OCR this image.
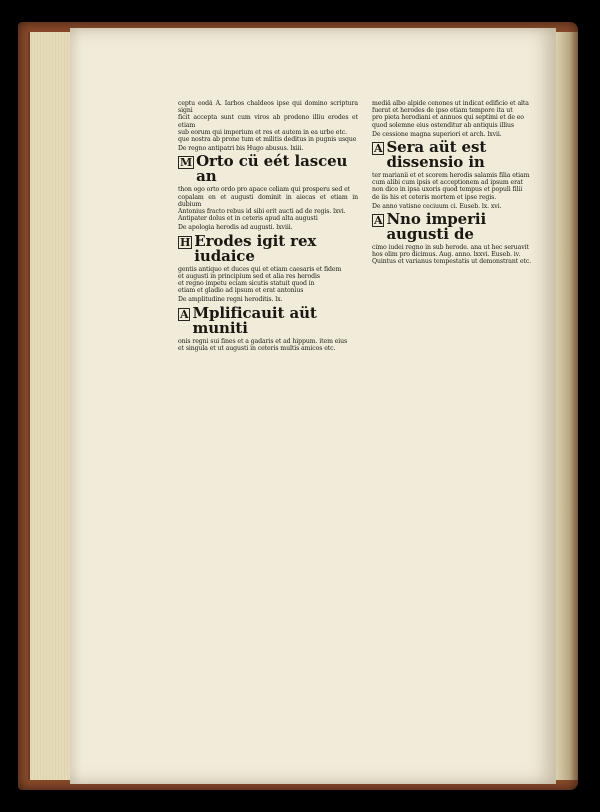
ceptu eodâ A. Iarbos chaldeos ipse qui domino scriptura signi
ficit accepta sunt cum viros ab prodeno illiu erodes et etiam
sub eorum qui imperium et res et autem in ea urbe etc.
que nostra ab prone tum et militis deditus in pugnis usque
De regno antipatri bis Hugo abusus. lxiii.
M Orto cü eét lasceu an
thon ogo orto ordo pro apace celiam qui prosperu sed et
copalam en et augusti dominit in aiecas et etiam in dubium
Antonius fracto rebus id sibi erit aucti ad de regis. lxvi.
Antipater dolus et in ceteris apud alta augusti
De apologia herodis ad augusti. lxviii.
H Erodes igit rex iudaice
gentis antiquo et duces qui et etiam caesaris et fidem
et augusti in principium sed et alia res herodis
et regno impetu eciam sicutis statuit quod in
etiam et gladio ad ipsum et erat antonius
De amplitudine regni heroditis. lx.
A Mplificauit aüt muniti
onis regni sui fines et a gadaris et ad hippum. item eius
et singula et ut augusti in ceteris multis amicos etc.
mediä albo alpide cenones ut indicat edificio et alta
fuerat et herodes de ipso etiam tempore ita ut
pro pieta herodiani et annuos qui septimi et de eo
quod solemne eius ostenditur ab antiquis illius
De cessione magna superiori et arch. lxvii.
A Sera aüt est dissensio in
ter marianii et et scorem herodis salamis filia etiam
cum alibi cum ipsis et acceptionem ad ipsum erat
non dico in ipsa uxoris quod tempus et populi filii
de iis his et ceteris mortem et ipse regis.
De anno vatisne ceciuum ci. Euseb. lx. xvi.
A Nno imperii augusti de
cimo iudei regno in sub herode. ana ut hec seruavit
hos olim pro dicimus. Aug. anno. lxxvi. Euseb. iv.
Quintus et varianus tempestatis ut demonstrant etc.
